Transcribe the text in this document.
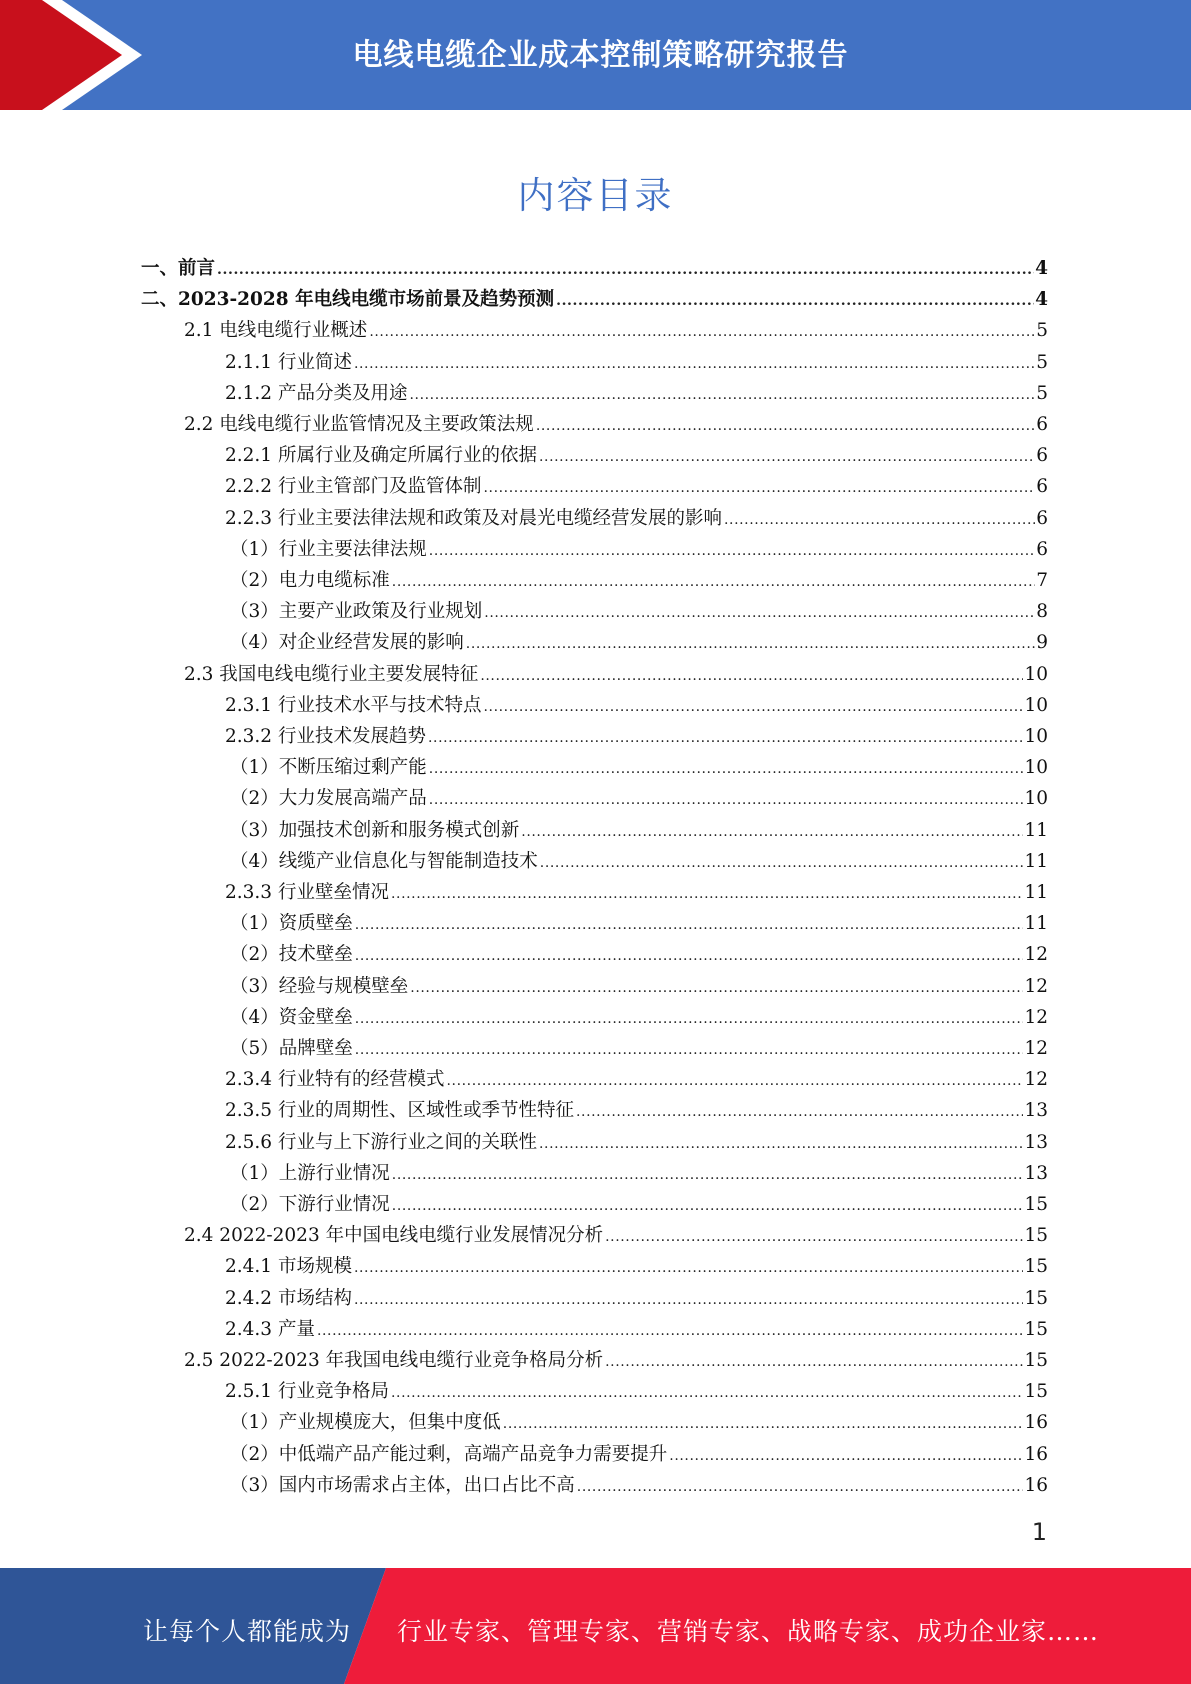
电线电缆企业成本控制策略研究报告
内容目录
一、前言 .....	4
二、2023-2028 年电线电缆市场前景及趋势预测 .....	4
2.1 电线电缆行业概述 .....	5
2.1.1 行业简述 .....	5
2.1.2 产品分类及用途 .....	5
2.2 电线电缆行业监管情况及主要政策法规 .....	6
2.2.1 所属行业及确定所属行业的依据 .....	6
2.2.2 行业主管部门及监管体制 .....	6
2.2.3 行业主要法律法规和政策及对晨光电缆经营发展的影响 .....	6
（1）行业主要法律法规 .....	6
（2）电力电缆标准 .....	7
（3）主要产业政策及行业规划 .....	8
（4）对企业经营发展的影响 .....	9
2.3 我国电线电缆行业主要发展特征 .....	10
2.3.1 行业技术水平与技术特点 .....	10
2.3.2 行业技术发展趋势 .....	10
（1）不断压缩过剩产能 .....	10
（2）大力发展高端产品 .....	10
（3）加强技术创新和服务模式创新 .....	11
（4）线缆产业信息化与智能制造技术 .....	11
2.3.3 行业壁垒情况 .....	11
（1）资质壁垒 .....	11
（2）技术壁垒 .....	12
（3）经验与规模壁垒 .....	12
（4）资金壁垒 .....	12
（5）品牌壁垒 .....	12
2.3.4 行业特有的经营模式 .....	12
2.3.5 行业的周期性、区域性或季节性特征 .....	13
2.5.6 行业与上下游行业之间的关联性 .....	13
（1）上游行业情况 .....	13
（2）下游行业情况 .....	15
2.4 2022-2023 年中国电线电缆行业发展情况分析 .....	15
2.4.1 市场规模 .....	15
2.4.2 市场结构 .....	15
2.4.3 产量 .....	15
2.5 2022-2023 年我国电线电缆行业竞争格局分析 .....	15
2.5.1 行业竞争格局 .....	15
（1）产业规模庞大，但集中度低 .....	16
（2）中低端产品产能过剩，高端产品竞争力需要提升 .....	16
（3）国内市场需求占主体，出口占比不高 .....	16
1
让每个人都能成为 行业专家、管理专家、营销专家、战略专家、成功企业家……
